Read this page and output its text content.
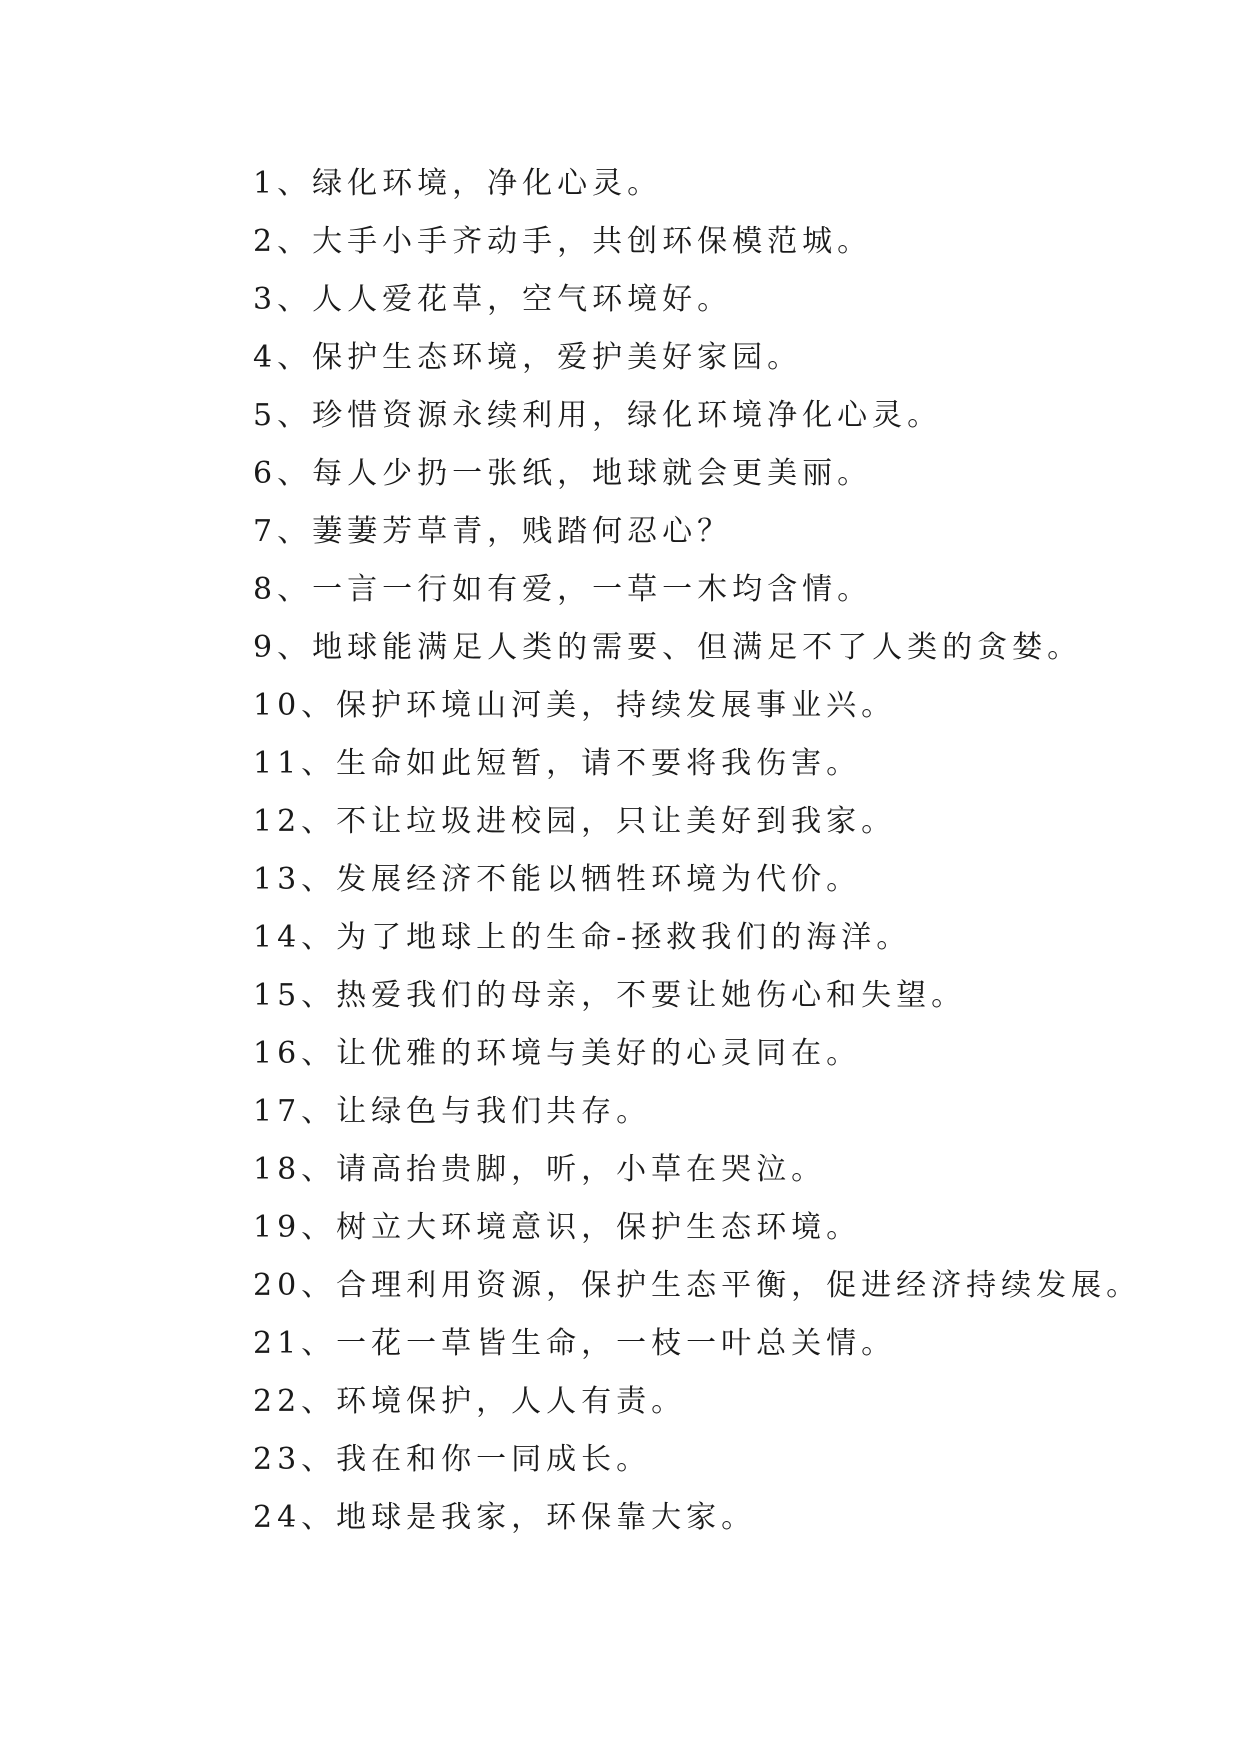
1、绿化环境，净化心灵。
2、大手小手齐动手，共创环保模范城。
3、人人爱花草，空气环境好。
4、保护生态环境，爱护美好家园。
5、珍惜资源永续利用，绿化环境净化心灵。
6、每人少扔一张纸，地球就会更美丽。
7、萋萋芳草青，贱踏何忍心？
8、一言一行如有爱，一草一木均含情。
9、地球能满足人类的需要、但满足不了人类的贪婪。
10、保护环境山河美，持续发展事业兴。
11、生命如此短暂，请不要将我伤害。
12、不让垃圾进校园，只让美好到我家。
13、发展经济不能以牺牲环境为代价。
14、为了地球上的生命-拯救我们的海洋。
15、热爱我们的母亲，不要让她伤心和失望。
16、让优雅的环境与美好的心灵同在。
17、让绿色与我们共存。
18、请高抬贵脚，听，小草在哭泣。
19、树立大环境意识，保护生态环境。
20、合理利用资源，保护生态平衡，促进经济持续发展。
21、一花一草皆生命，一枝一叶总关情。
22、环境保护，人人有责。
23、我在和你一同成长。
24、地球是我家，环保靠大家。
